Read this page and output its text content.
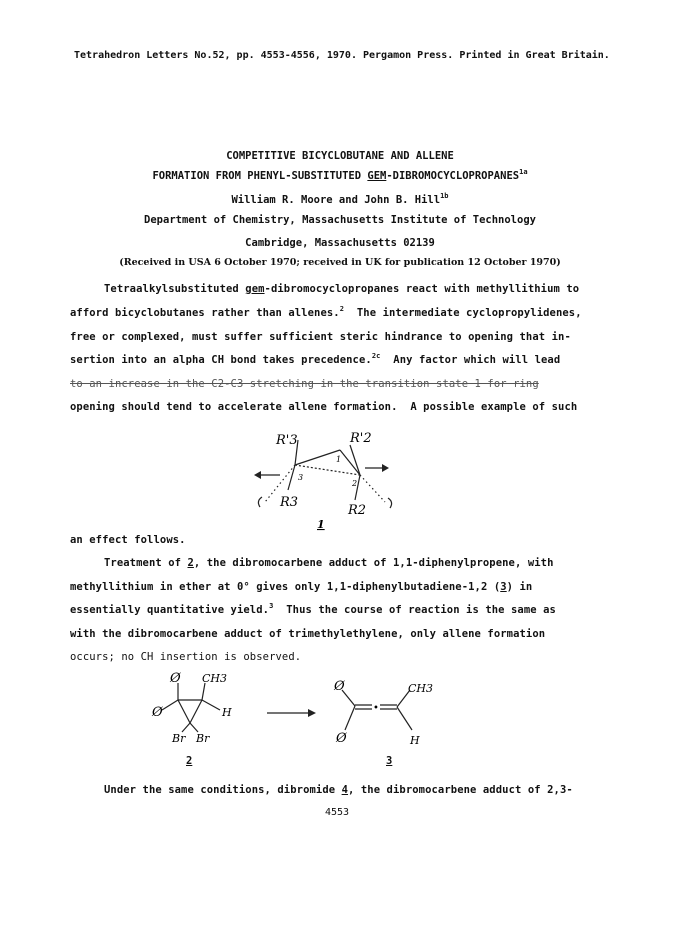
Tetrahedron Letters No.52, pp. 4553-4556, 1970. Pergamon Press. Printed in Great Britain.
COMPETITIVE BICYCLOBUTANE AND ALLENE
FORMATION FROM PHENYL-SUBSTITUTED GEM-$DIBROMOCYCLOPROPANES^{1a}$
William R. Moore and John B. Hill$^{1b}$
Department of Chemistry, Massachusetts Institute of Technology
Cambridge, Massachusetts 02139
(Received in USA 6 October 1970; received in UK for publication 12 October 1970)
Tetraalkylsubstituted gem-dibromocyclopropanes react with methyllithium to
afford bicyclobutanes rather than allenes.$^2$  The intermediate cyclopropylidenes,
free or complexed, must suffer sufficient steric hindrance to opening that in-
sertion into an alpha CH bond takes precedence.$^{2c}$  Any factor which will lead
to an increase in the C2-C3 stretching in the transition state 1 for ring
opening should tend to accelerate allene formation.  A possible example of such
R'3	R'2
R3
R2
3
2
1
1
an effect follows.
Treatment of 2, the dibromocarbene adduct of 1,1-diphenylpropene, with
methyllithium in ether at 0° gives only 1,1-diphenylbutadiene-1,2 (3) in
essentially quantitative yield.$^3$  Thus the course of reaction is the same as
with the dibromocarbene adduct of trimethylethylene, only allene formation
occurs; no CH insertion is observed.
Ø CH3
Ø	H
Br Br
Ø
Ø
•
CH3
H
2	3
Under the same conditions, dibromide 4, the dibromocarbene adduct of 2,3-
4553
